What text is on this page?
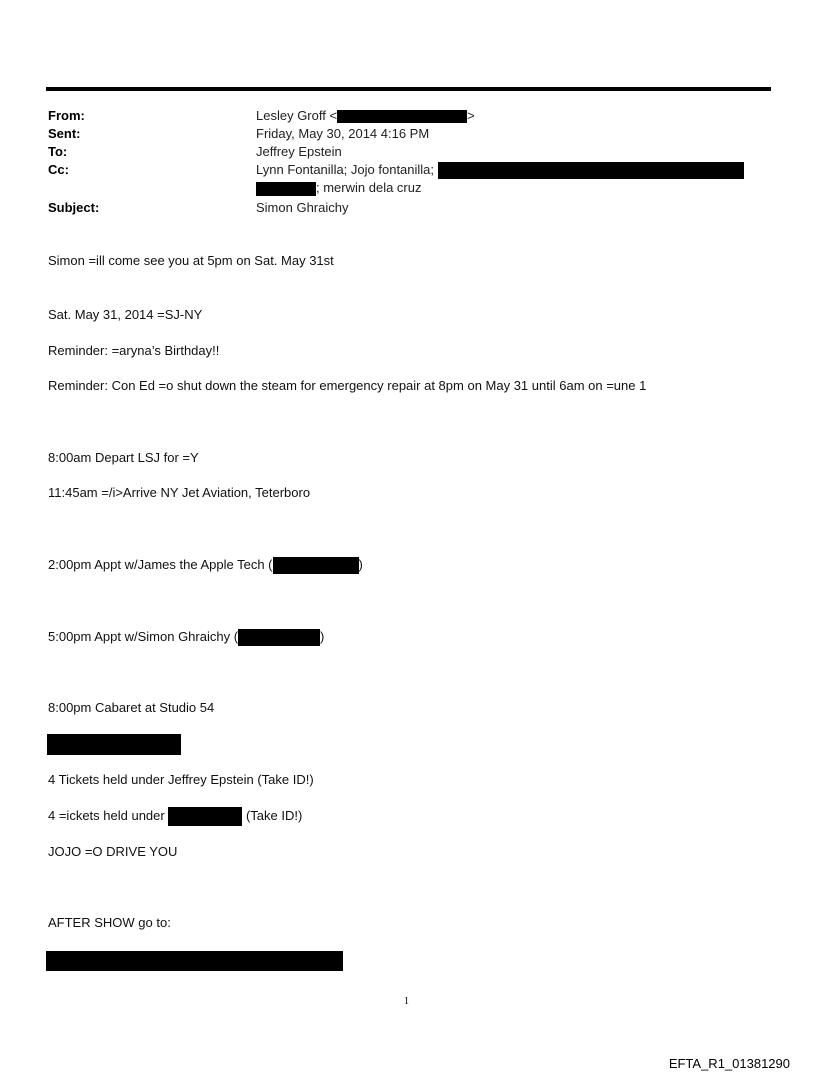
From:	Lesley Groff <	>
Sent:	Friday, May 30, 2014 4:16 PM
To:	Jeffrey Epstein
Cc:	Lynn Fontanilla; Jojo fontanilla;
; merwin dela cruz
Subject:	Simon Ghraichy
Simon =ill come see you at 5pm on Sat. May 31st
Sat. May 31, 2014 =SJ-NY
Reminder: =aryna’s Birthday!!
Reminder: Con Ed =o shut down the steam for emergency repair at 8pm on May 31 until 6am on =une 1
8:00am Depart LSJ for =Y
11:45am =/i>Arrive NY Jet Aviation, Teterboro
2:00pm Appt w/James the Apple Tech (	)
5:00pm Appt w/Simon Ghraichy (	)
8:00pm Cabaret at Studio 54
4 Tickets held under Jeffrey Epstein (Take ID!)
4 =ickets held under	(Take ID!)
JOJO =O DRIVE YOU
AFTER SHOW go to:
1
EFTA_R1_01381290
